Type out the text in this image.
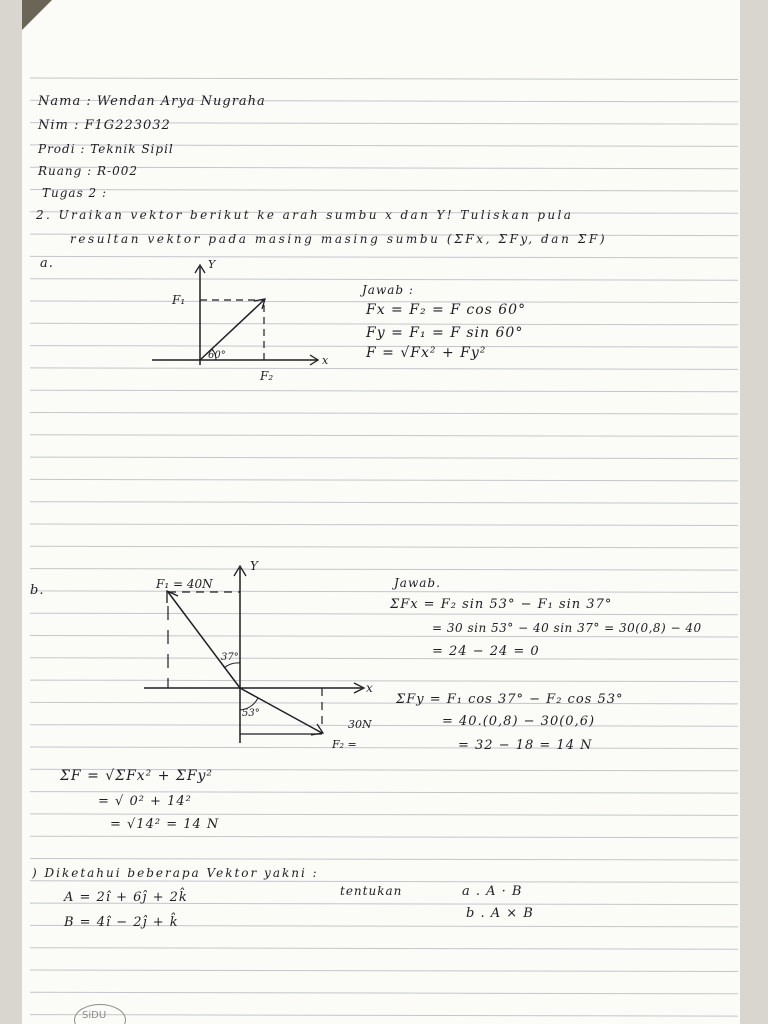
Nama : Wendan Arya Nugraha
Nim : F1G223032
Prodi : Teknik Sipil
Ruang : R-002
Tugas 2 :
2. Uraikan vektor berikut ke arah sumbu x dan Y! Tuliskan pula
resultan vektor pada masing masing sumbu (ΣFx, ΣFy, dan ΣF)
a.	Y
x
F₁
F₂
60°
Jawab :
Fx = F₂ = F cos 60°
Fy = F₁ = F sin 60°
F = √Fx² + Fy²
b.
Y
x
F₁ = 40N
F₂ =
30N
37°
53°
Jawab.
ΣFx = F₂ sin 53° − F₁ sin 37°
= 30 sin 53° − 40 sin 37° = 30(0,8) − 40
= 24 − 24 = 0
ΣFy = F₁ cos 37° − F₂ cos 53°
= 40.(0,8) − 30(0,6)
= 32 − 18 = 14 N
ΣF = √ΣFx² + ΣFy²
= √ 0² + 14²
= √14² = 14 N
) Diketahui beberapa Vektor yakni :
A = 2î + 6ĵ + 2k̂
B = 4î − 2ĵ + k̂
tentukan	a . A · B
b . A × B
SiDU
